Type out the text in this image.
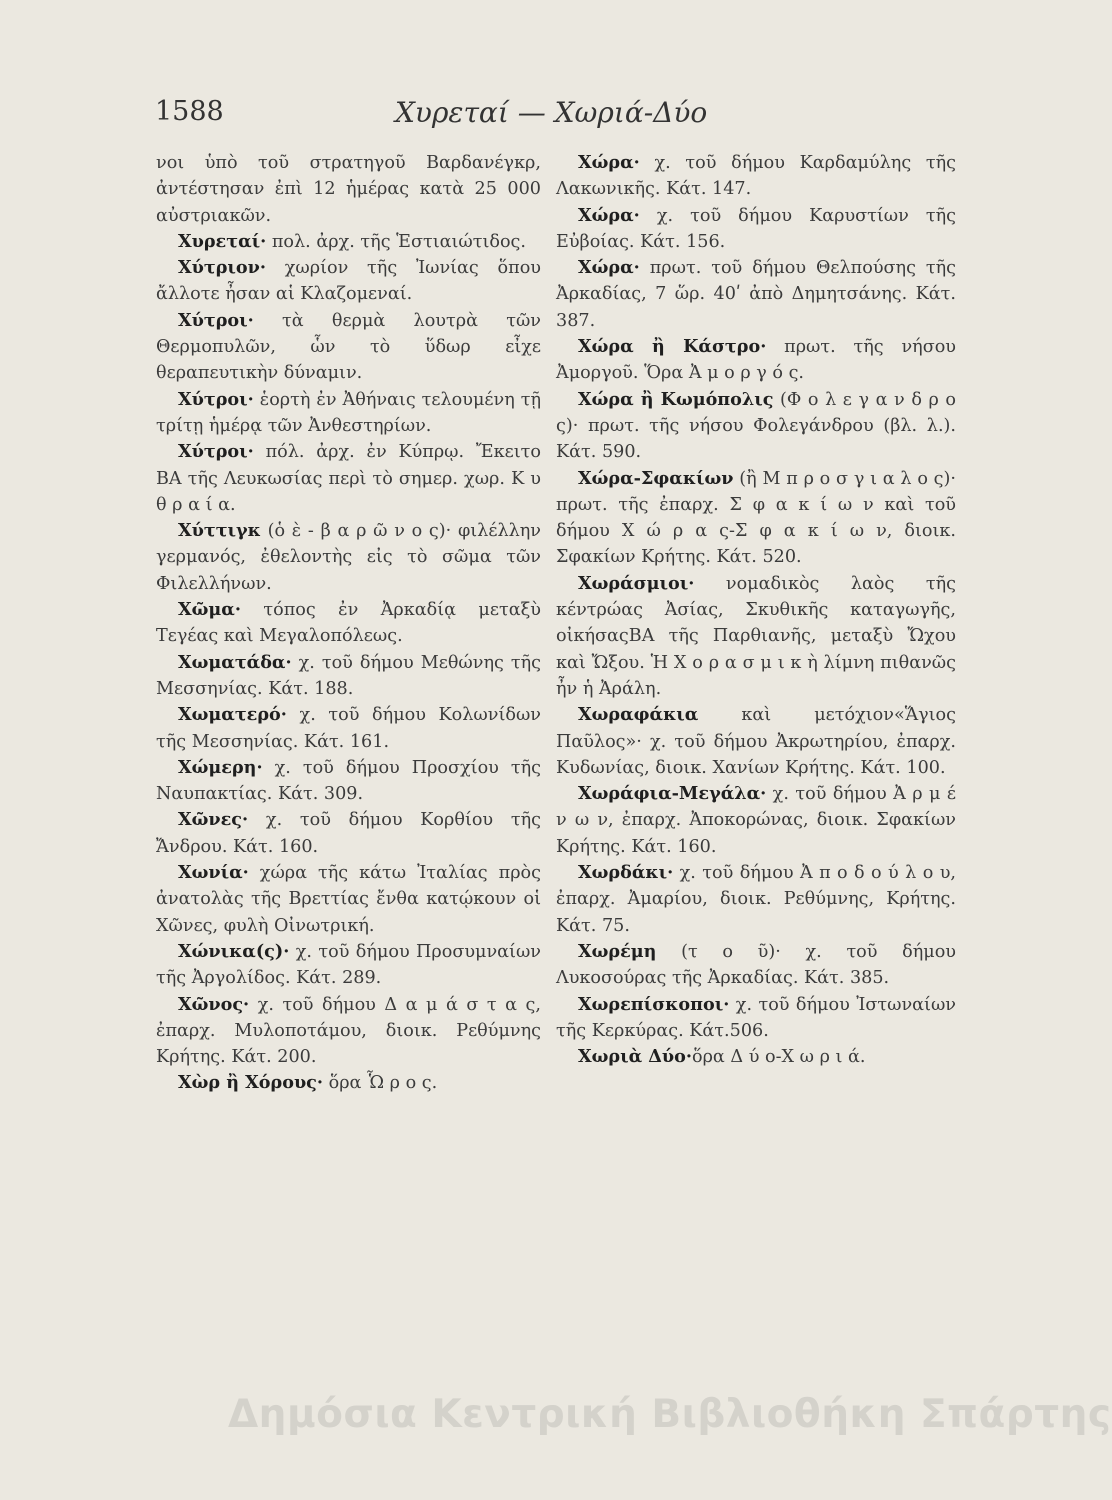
1588	Χυρεταί — Χωριά-Δύο

νοι ὑπὸ τοῦ στρατηγοῦ Βαρδανέγκρ, ἀντέστησαν ἐπὶ 12 ἡμέρας κατὰ 25 000 αὐστριακῶν.

Χυρεταί· πολ. ἀρχ. τῆς Ἑστιαιώτιδος.

Χύτριον· χωρίον τῆς Ἰωνίας ὅπου ἄλλοτε ἦσαν αἱ Κλαζομεναί.

Χύτροι· τὰ θερμὰ λουτρὰ τῶν Θερμοπυλῶν, ὧν τὸ ὕδωρ εἶχε θεραπευτικὴν δύναμιν.

Χύτροι· ἑορτὴ ἐν Ἀθήναις τελουμένη τῇ τρίτῃ ἡμέρᾳ τῶν Ἀνθεστηρίων.

Χύτροι· πόλ. ἀρχ. ἐν Κύπρῳ. Ἔκειτο ΒΑ τῆς Λευκωσίας περὶ τὸ σημερ. χωρ. Κ υ θ ρ α ί α.

Χύττιγκ (ὁ ὲ - β α ρ ῶ ν ο ς)· φιλέλλην γερμανός, ἐθελοντὴς εἰς τὸ σῶμα τῶν Φιλελλήνων.

Χῶμα· τόπος ἐν Ἀρκαδίᾳ μεταξὺ Τεγέας καὶ Μεγαλοπόλεως.

Χωματάδα· χ. τοῦ δήμου Μεθώνης τῆς Μεσσηνίας. Κάτ. 188.

Χωματερό· χ. τοῦ δήμου Κολωνίδων τῆς Μεσσηνίας. Κάτ. 161.

Χώμερη· χ. τοῦ δήμου Προσχίου τῆς Ναυπακτίας. Κάτ. 309.

Χῶνες· χ. τοῦ δήμου Κορθίου τῆς Ἄνδρου. Κάτ. 160.

Χωνία· χώρα τῆς κάτω Ἰταλίας πρὸς ἀνατολὰς τῆς Βρεττίας ἔνθα κατῴκουν οἱ Χῶνες, φυλὴ Οἰνωτρική.

Χώνικα(ς)· χ. τοῦ δήμου Προσυμναίων τῆς Ἀργολίδος. Κάτ. 289.

Χῶνος· χ. τοῦ δήμου Δ α μ ά σ τ α ς, ἐπαρχ. Μυλοποτάμου, διοικ. Ρεθύμνης Κρήτης. Κάτ. 200.

Χὼρ ἢ Χόρους· ὅρα Ὧ ρ ο ς.

Χώρα· χ. τοῦ δήμου Καρδαμύλης τῆς Λακωνικῆς. Κάτ. 147.

Χώρα· χ. τοῦ δήμου Καρυστίων τῆς Εὐβοίας. Κάτ. 156.

Χώρα· πρωτ. τοῦ δήμου Θελπούσης τῆς Ἀρκαδίας, 7 ὥρ. 40ʹ ἀπὸ Δημητσάνης. Κάτ. 387.

Χώρα ἢ Κάστρο· πρωτ. τῆς νήσου Ἀμοργοῦ. Ὅρα Ἀ μ ο ρ γ ό ς.

Χώρα ἢ Κωμόπολις (Φ ο λ ε γ α ν δ ρ ο ς)· πρωτ. τῆς νήσου Φολεγάνδρου (βλ. λ.). Κάτ. 590.

Χώρα-Σφακίων (ἢ Μ π ρ ο σ γ ι α λ ο ς)· πρωτ. τῆς ἐπαρχ. Σ φ α κ ί ω ν καὶ τοῦ δήμου Χ ώ ρ α ς-Σ φ α κ ί ω ν, διοικ. Σφακίων Κρήτης. Κάτ. 520.

Χωράσμιοι· νομαδικὸς λαὸς τῆς κέντρώας Ἀσίας, Σκυθικῆς καταγωγῆς, οἰκήσαςΒΑ τῆς Παρθιανῆς, μεταξὺ Ὤχου καὶ Ὤξου. Ἡ Χ ο ρ α σ μ ι κ ὴ λίμνη πιθανῶς ἦν ἡ Ἀράλη.

Χωραφάκια καὶ μετόχιον«Ἅγιος Παῦλος»· χ. τοῦ δήμου Ἀκρωτηρίου, ἐπαρχ. Κυδωνίας, διοικ. Χανίων Κρήτης. Κάτ. 100.

Χωράφια-Μεγάλα· χ. τοῦ δήμου Ἀ ρ μ έ ν ω ν, ἐπαρχ. Ἀποκορώνας, διοικ. Σφακίων Κρήτης. Κάτ. 160.

Χωρδάκι· χ. τοῦ δήμου Ἀ π ο δ ο ύ λ ο υ, ἐπαρχ. Ἀμαρίου, διοικ. Ρεθύμνης, Κρήτης. Κάτ. 75.

Χωρέμη (τ ο ῦ)· χ. τοῦ δήμου Λυκοσούρας τῆς Ἀρκαδίας. Κάτ. 385.

Χωρεπίσκοποι· χ. τοῦ δήμου Ἰστωναίων τῆς Κερκύρας. Κάτ.506.

Χωριὰ Δύο·ὅρα Δ ύ ο-Χ ω ρ ι ά.

Δημόσια Κεντρική Βιβλιοθήκη Σπάρτης
